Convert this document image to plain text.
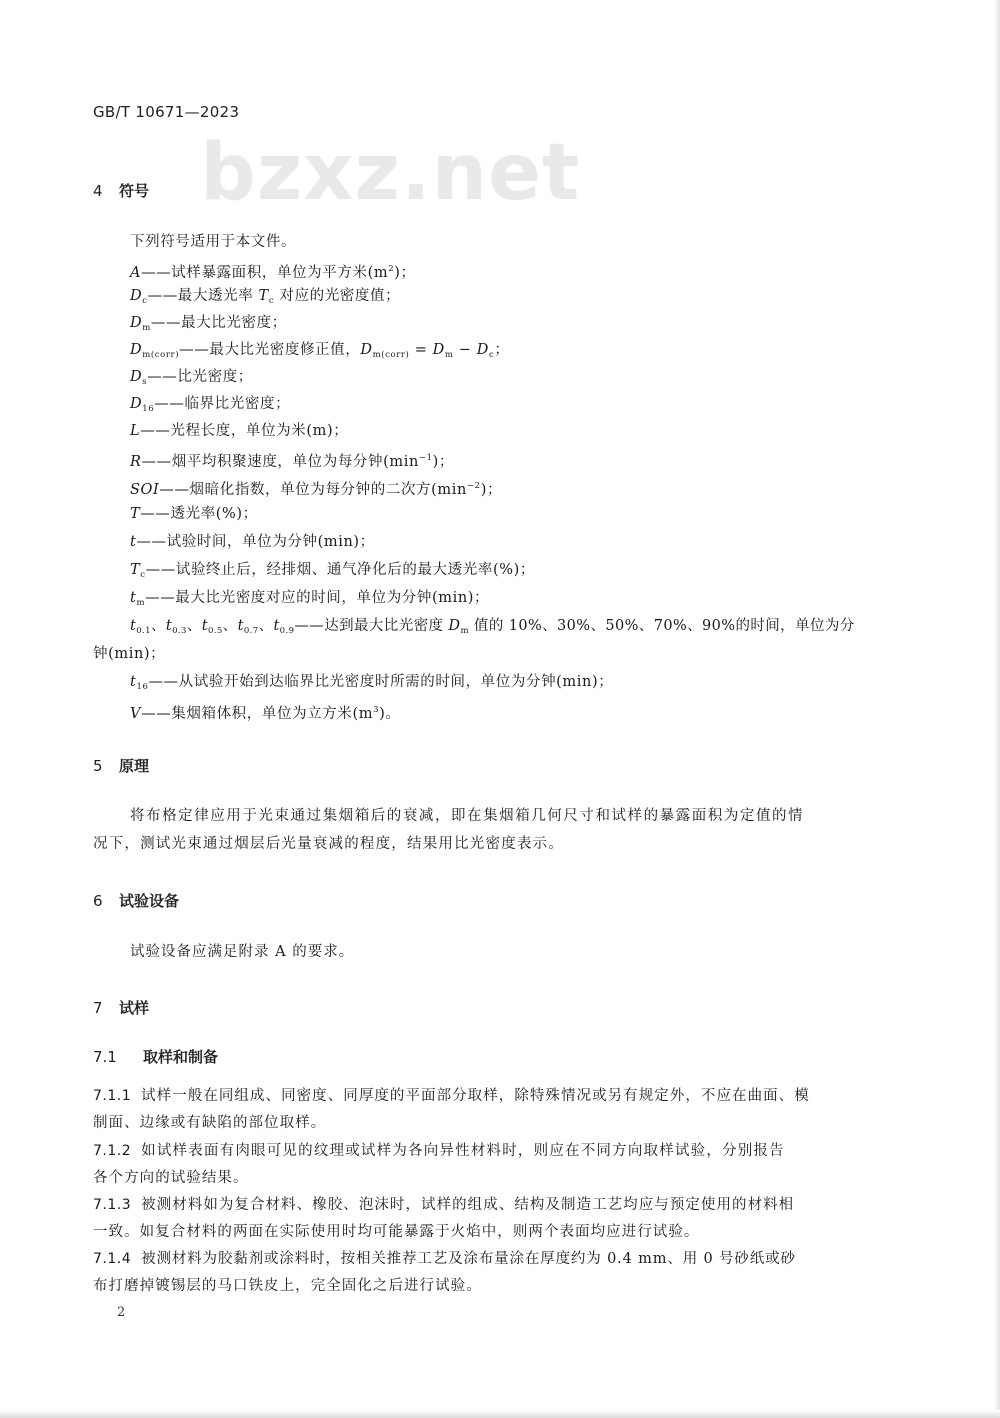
bzxz.net
GB/T 10671—2023
4 符号
下列符号适用于本文件。
A——试样暴露面积，单位为平方米$(m^2)$；
$D_c——$最大透光率 $T_c$ 对应的光密度值；
$D_m——$最大比光密度；
$D_{m(corr)}——$最大比光密度修正值，$D_{m(corr)} = D_m - D_c$；
$D_s——$比光密度；
$D_{16}——$临界比光密度；
L——光程长度，单位为米(m)；
R——烟平均积聚速度，单位为每分钟$(\min^{-1})$；
SOI——烟暗化指数，单位为每分钟的二次方$(\min^{-2})$；
T——透光率(%)；
t——试验时间，单位为分钟(min)；
$T_c——$试验终止后，经排烟、通气净化后的最大透光率(%)；
$t_m——$最大比光密度对应的时间，单位为分钟(min)；
$t_{0.1}$、$t_{0.3}$、$t_{0.5}$、$t_{0.7}$、$t_{0.9}——$达到最大比光密度 $D_m$ 值的 10%、30%、50%、70%、90%的时间，单位为分
钟(min)；
$t_{16}——$从试验开始到达临界比光密度时所需的时间，单位为分钟(min)；
V——集烟箱体积，单位为立方米$(m^3)$。
5 原理
将布格定律应用于光束通过集烟箱后的衰减，即在集烟箱几何尺寸和试样的暴露面积为定值的情
况下，测试光束通过烟层后光量衰减的程度，结果用比光密度表示。
6 试验设备
试验设备应满足附录 A 的要求。
7 试样
7.1 取样和制备
7.1.1 试样一般在同组成、同密度、同厚度的平面部分取样，除特殊情况或另有规定外，不应在曲面、模
制面、边缘或有缺陷的部位取样。
7.1.2 如试样表面有肉眼可见的纹理或试样为各向异性材料时，则应在不同方向取样试验，分别报告
各个方向的试验结果。
7.1.3 被测材料如为复合材料、橡胶、泡沫时，试样的组成、结构及制造工艺均应与预定使用的材料相
一致。如复合材料的两面在实际使用时均可能暴露于火焰中，则两个表面均应进行试验。
7.1.4 被测材料为胶黏剂或涂料时，按相关推荐工艺及涂布量涂在厚度约为 0.4 mm、用 0 号砂纸或砂
布打磨掉镀锡层的马口铁皮上，完全固化之后进行试验。
2
